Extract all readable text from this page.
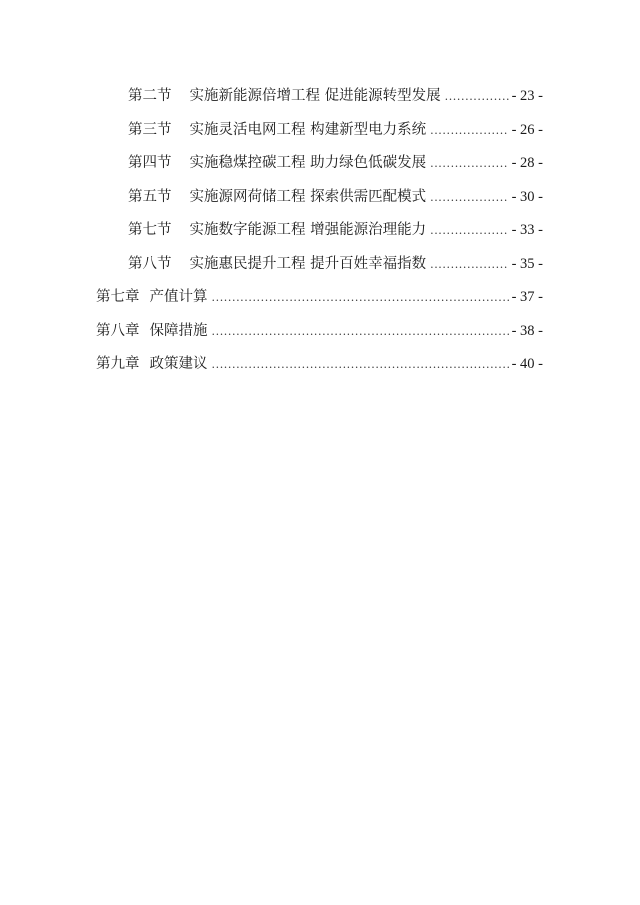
第二节 实施新能源倍增工程 促进能源转型发展 .....	- 23 -
第三节 实施灵活电网工程 构建新型电力系统 .....	- 26 -
第四节 实施稳煤控碳工程 助力绿色低碳发展 .....	- 28 -
第五节 实施源网荷储工程 探索供需匹配模式 .....	- 30 -
第七节 实施数字能源工程 增强能源治理能力 .....	- 33 -
第八节 实施惠民提升工程 提升百姓幸福指数 .....	- 35 -
第七章 产值计算 .....	- 37 -
第八章 保障措施 .....	- 38 -
第九章 政策建议 .....	- 40 -
